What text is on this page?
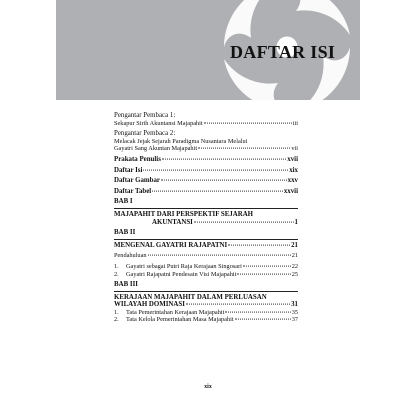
DAFTAR ISI
Pengantar Pembaca 1:
Sekapur Sirih Akuntansi Majapahit	iii
Pengantar Pembaca 2:
Melacak Jejak Sejarah Paradigma Nusantara Melalui
Gayatri Sang Akuntan Majapahit	vii
Prakata Penulis	xvii
Daftar Isi	xix
Daftar Gambar	xxv
Daftar Tabel	xxvii
BAB I
MAJAPAHIT DARI PERSPEKTIF SEJARAH
AKUNTANSI	1
BAB II
MENGENAL GAYATRI RAJAPATNI	21
Pendahuluan	21
1. Gayatri sebagai Putri Raja Kerajaan Singosari	22
2. Gayatri Rajapatni Pendesain Visi Majapahit	25
BAB III
KERAJAAN MAJAPAHIT DALAM PERLUASAN
WILAYAH DOMINASI	31
1. Tata Pemerintahan Kerajaan Majapahit	35
2. Tata Kelola Pemerintahan Masa Majapahit	37
xix
